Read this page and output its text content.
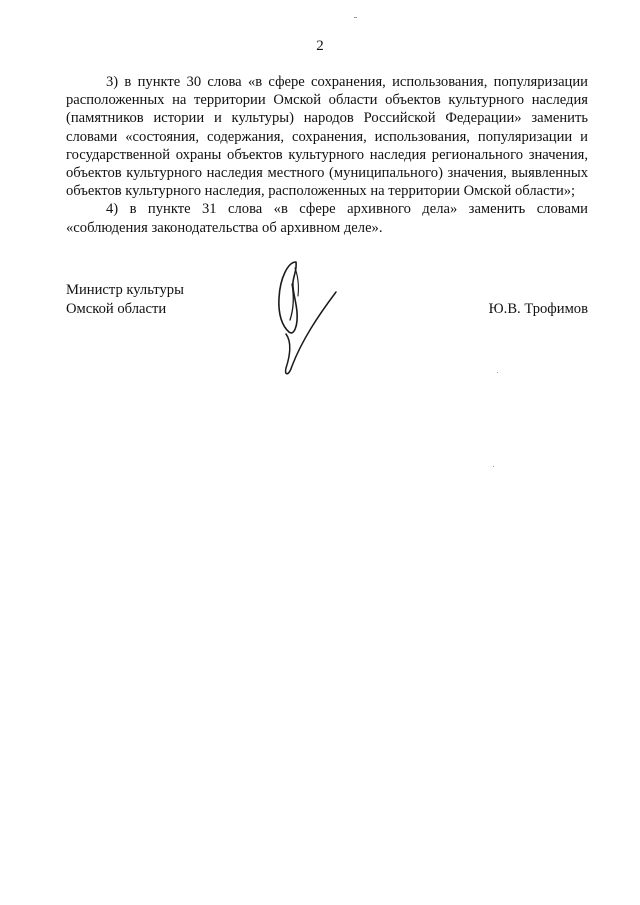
2

3) в пункте 30 слова «в сфере сохранения, использования, популяризации расположенных на территории Омской области объектов культурного наследия (памятников истории и культуры) народов Российской Федерации» заменить словами «состояния, содержания, сохранения, использования, популяризации и государственной охраны объектов культурного наследия регионального значения, объектов культурного наследия местного (муниципального) значения, выявленных объектов культурного наследия, расположенных на территории Омской области»;

4) в пункте 31 слова «в сфере архивного дела» заменить словами «соблюдения законодательства об архивном деле».

Министр культуры
Омской области	Ю.В. Трофимов
